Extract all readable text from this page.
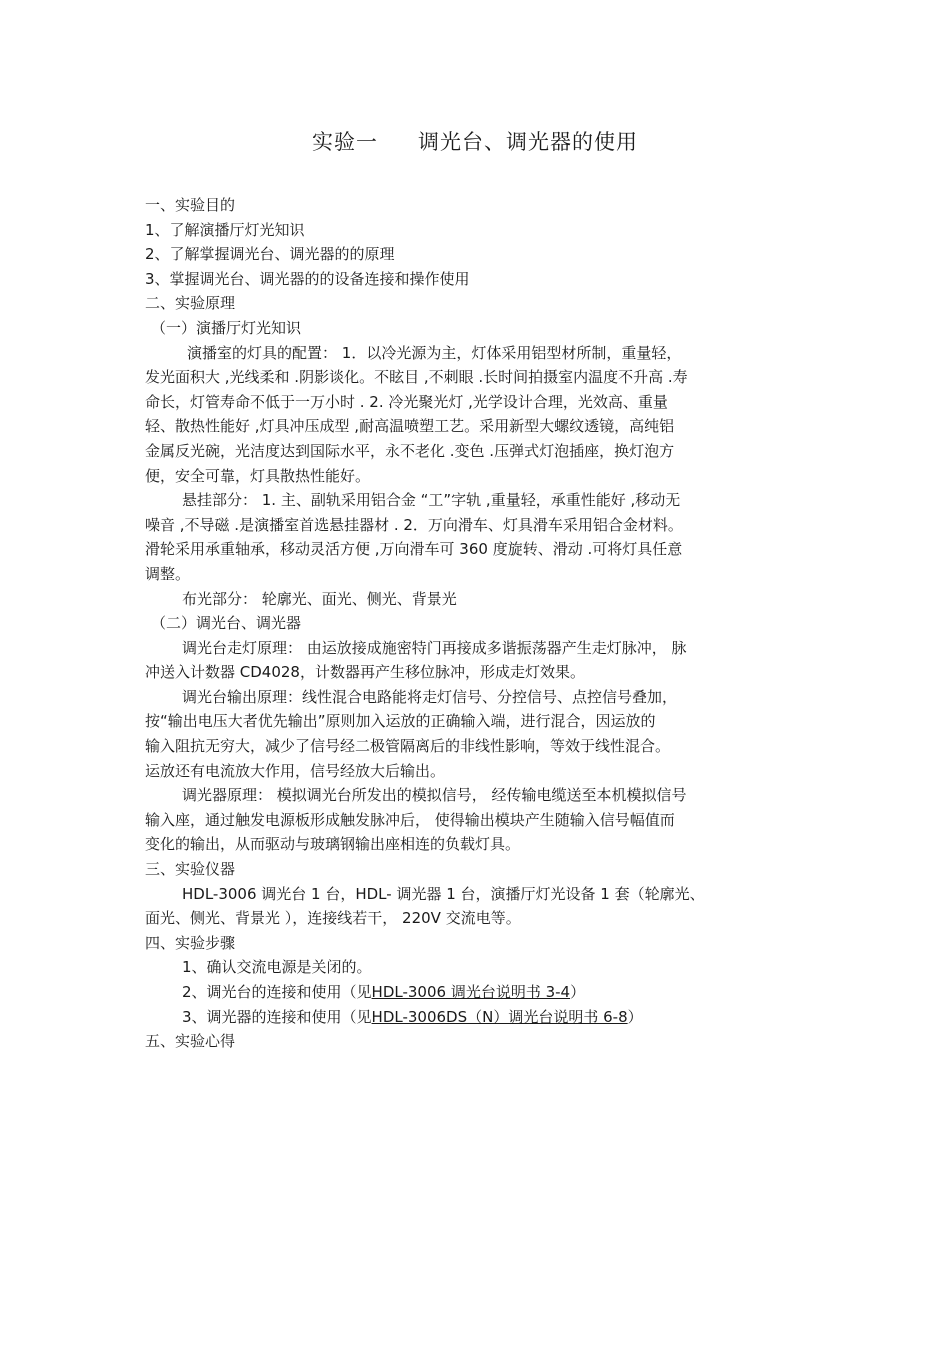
实验一 调光台、调光器的使用
一、实验目的
1、了解演播厅灯光知识
2、了解掌握调光台、调光器的的原理
3、掌握调光台、调光器的的设备连接和操作使用
二、实验原理
（一）演播厅灯光知识
演播室的灯具的配置： 1．以冷光源为主，灯体采用铝型材所制，重量轻，
发光面积大 ,光线柔和 .阴影谈化。不眩目 ,不刺眼 .长时间拍摄室内温度不升高 .寿
命长，灯管寿命不低于一万小时 . 2. 冷光聚光灯 ,光学设计合理，光效高、重量
轻、散热性能好 ,灯具冲压成型 ,耐高温喷塑工艺。采用新型大螺纹透镜，高纯铝
金属反光碗，光洁度达到国际水平，永不老化 .变色 .压弹式灯泡插座，换灯泡方
便，安全可靠，灯具散热性能好。
悬挂部分： 1. 主、副轨采用铝合金 “工”字轨 ,重量轻，承重性能好 ,移动无
噪音 ,不导磁 .是演播室首选悬挂器材 . 2．万向滑车、灯具滑车采用铝合金材料。
滑轮采用承重轴承，移动灵活方便 ,万向滑车可 360 度旋转、滑动 .可将灯具任意
调整。
布光部分： 轮廓光、面光、侧光、背景光
（二）调光台、调光器
调光台走灯原理： 由运放接成施密特门再接成多谐振荡器产生走灯脉冲， 脉
冲送入计数器 CD4028，计数器再产生移位脉冲，形成走灯效果。
调光台输出原理：线性混合电路能将走灯信号、分控信号、点控信号叠加，
按“输出电压大者优先输出”原则加入运放的正确输入端，进行混合，因运放的
输入阻抗无穷大，减少了信号经二极管隔离后的非线性影响，等效于线性混合。
运放还有电流放大作用，信号经放大后输出。
调光器原理： 模拟调光台所发出的模拟信号， 经传输电缆送至本机模拟信号
输入座，通过触发电源板形成触发脉冲后， 使得输出模块产生随输入信号幅值而
变化的输出，从而驱动与玻璃钢输出座相连的负载灯具。
三、实验仪器
HDL-3006 调光台 1 台，HDL- 调光器 1 台，演播厅灯光设备 1 套（轮廓光、
面光、侧光、背景光 ），连接线若干， 220V 交流电等。
四、实验步骤
1、确认交流电源是关闭的。
2、调光台的连接和使用（见HDL-3006 调光台说明书 3-4）
3、调光器的连接和使用（见HDL-3006DS（N）调光台说明书 6-8）
五、实验心得
